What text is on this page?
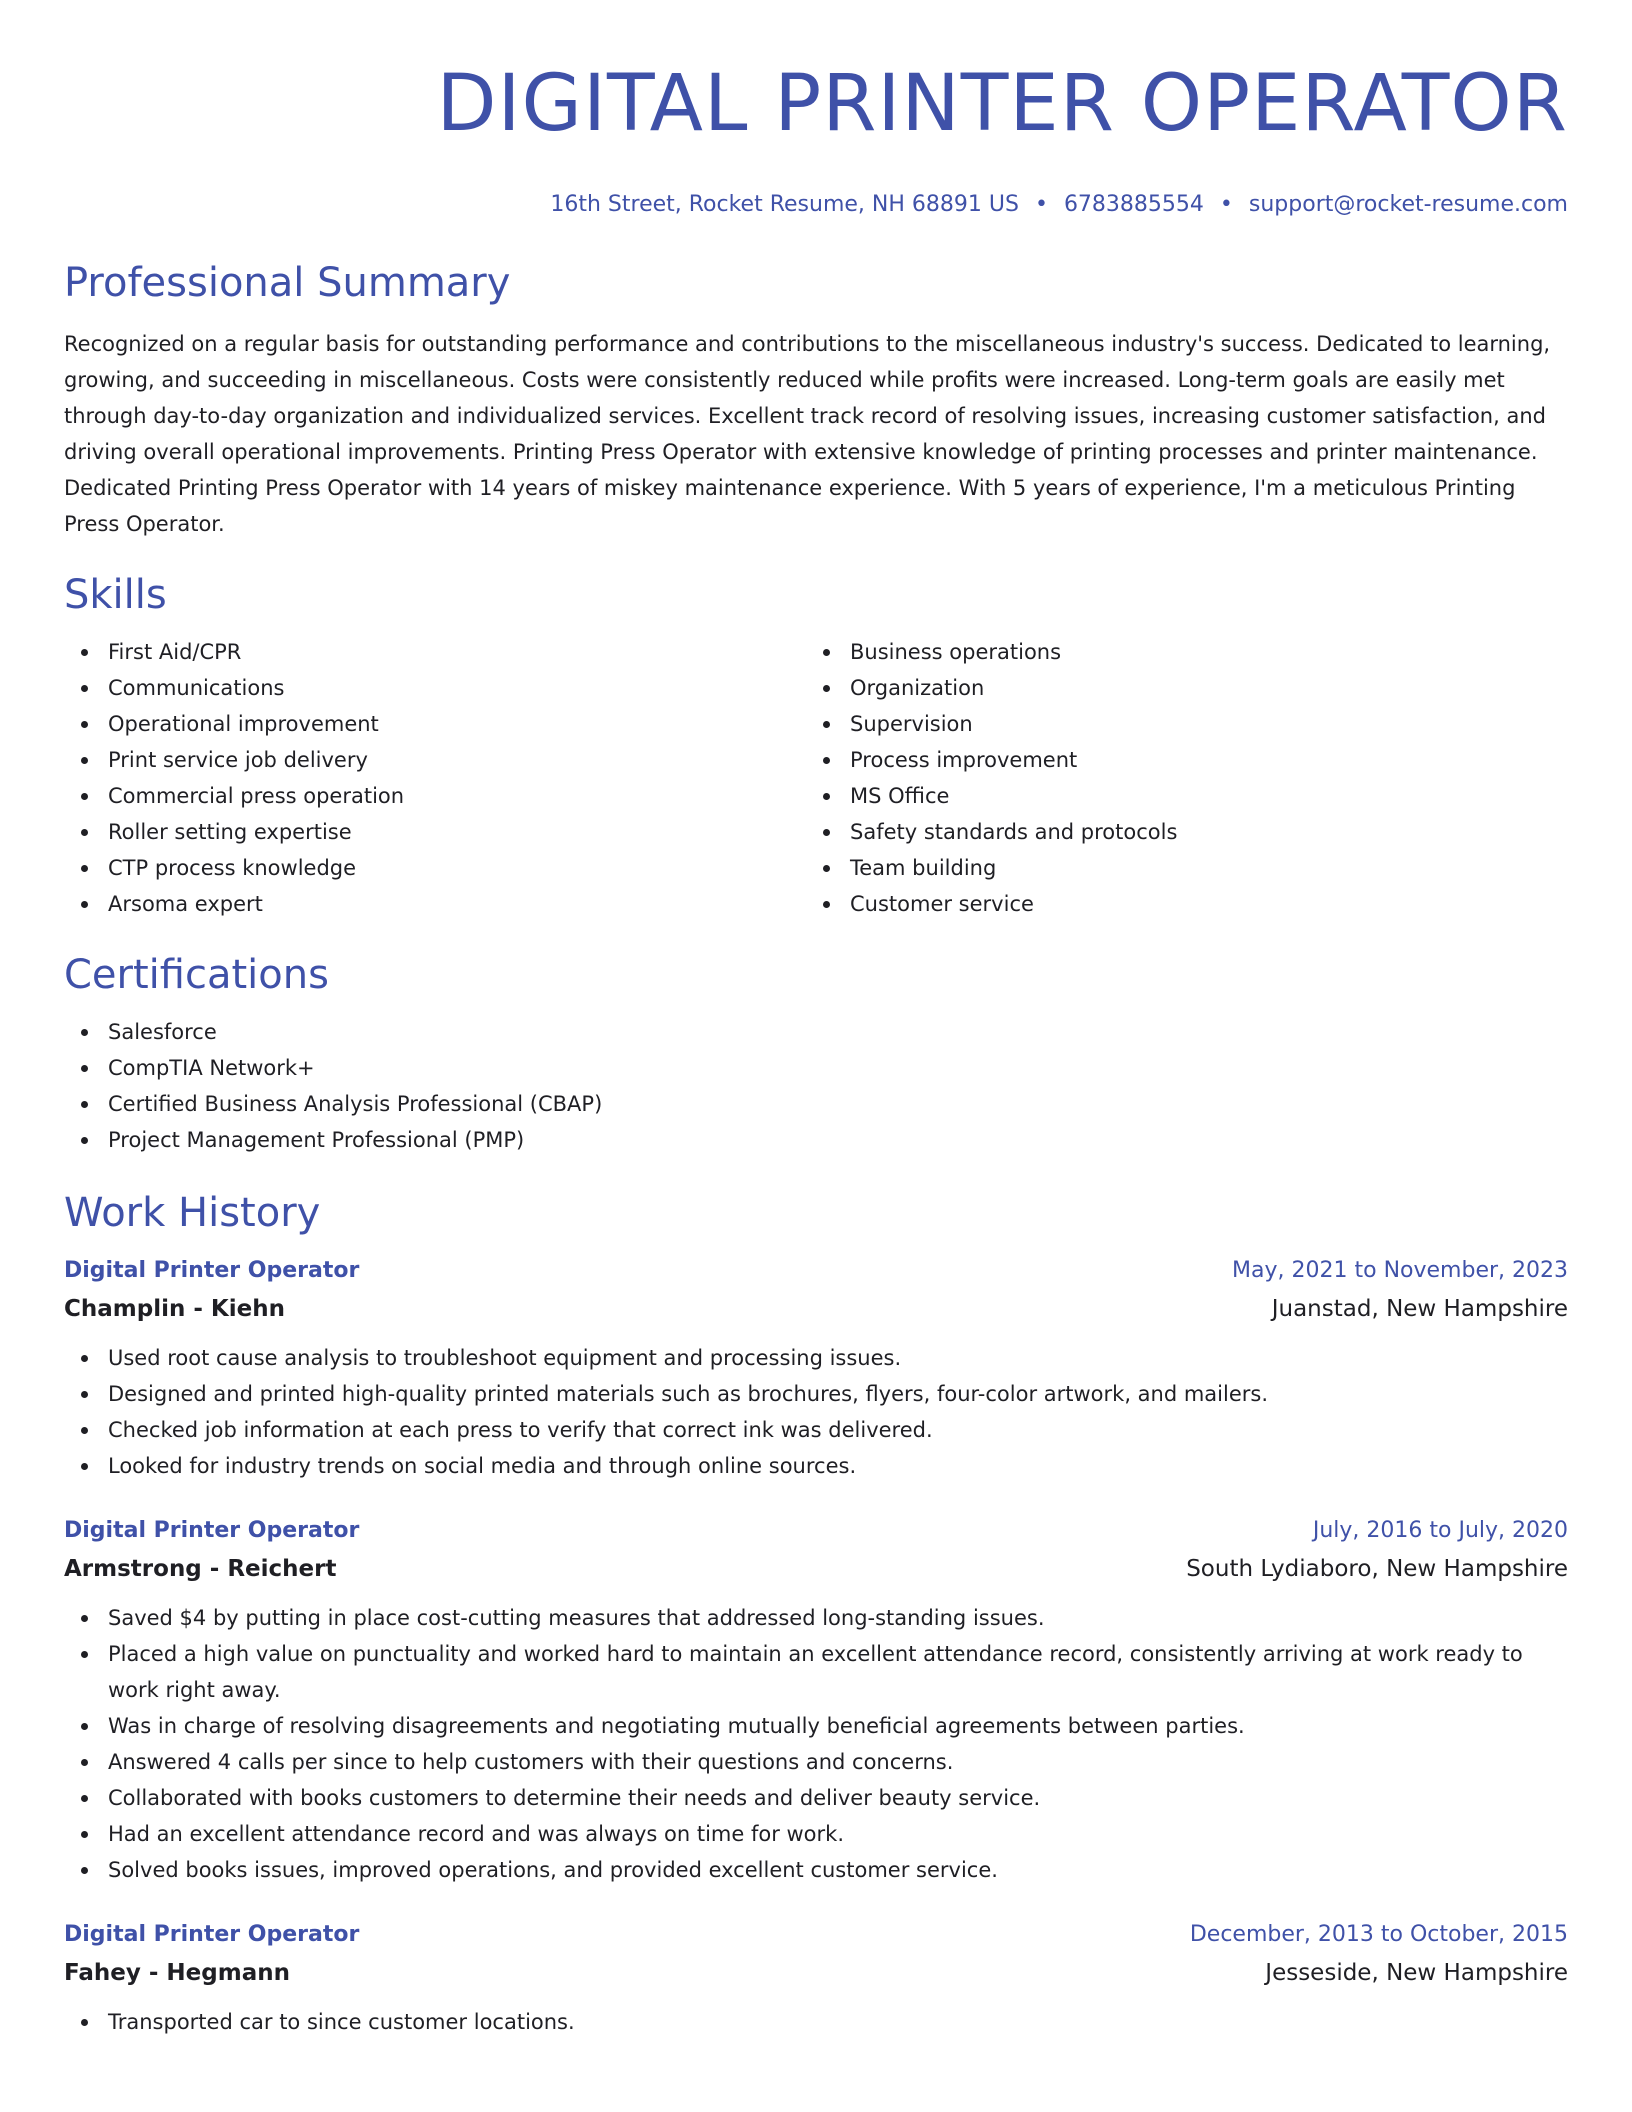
DIGITAL PRINTER OPERATOR
16th Street, Rocket Resume, NH 68891 US • 6783885554 • support@rocket-resume.com
Professional Summary

Recognized on a regular basis for outstanding performance and contributions to the miscellaneous industry's success. Dedicated to learning, growing, and succeeding in miscellaneous. Costs were consistently reduced while profits were increased. Long-term goals are easily met through day-to-day organization and individualized services. Excellent track record of resolving issues, increasing customer satisfaction, and driving overall operational improvements. Printing Press Operator with extensive knowledge of printing processes and printer maintenance. Dedicated Printing Press Operator with 14 years of miskey maintenance experience. With 5 years of experience, I'm a meticulous Printing Press Operator.

Skills
First Aid/CPR
Communications
Operational improvement
Print service job delivery
Commercial press operation
Roller setting expertise
CTP process knowledge
Arsoma expert
Business operations
Organization
Supervision
Process improvement
MS Office
Safety standards and protocols
Team building
Customer service
Certifications
Salesforce
CompTIA Network+
Certified Business Analysis Professional (CBAP)
Project Management Professional (PMP)
Work History
Digital Printer Operator	May, 2021 to November, 2023
Champlin - Kiehn	Juanstad, New Hampshire
Used root cause analysis to troubleshoot equipment and processing issues.
Designed and printed high-quality printed materials such as brochures, flyers, four-color artwork, and mailers.
Checked job information at each press to verify that correct ink was delivered.
Looked for industry trends on social media and through online sources.
Digital Printer Operator	July, 2016 to July, 2020
Armstrong - Reichert	South Lydiaboro, New Hampshire
Saved $4 by putting in place cost-cutting measures that addressed long-standing issues.
Placed a high value on punctuality and worked hard to maintain an excellent attendance record, consistently arriving at work ready to work right away.
Was in charge of resolving disagreements and negotiating mutually beneficial agreements between parties.
Answered 4 calls per since to help customers with their questions and concerns.
Collaborated with books customers to determine their needs and deliver beauty service.
Had an excellent attendance record and was always on time for work.
Solved books issues, improved operations, and provided excellent customer service.
Digital Printer Operator	December, 2013 to October, 2015
Fahey - Hegmann	Jesseside, New Hampshire
Transported car to since customer locations.
